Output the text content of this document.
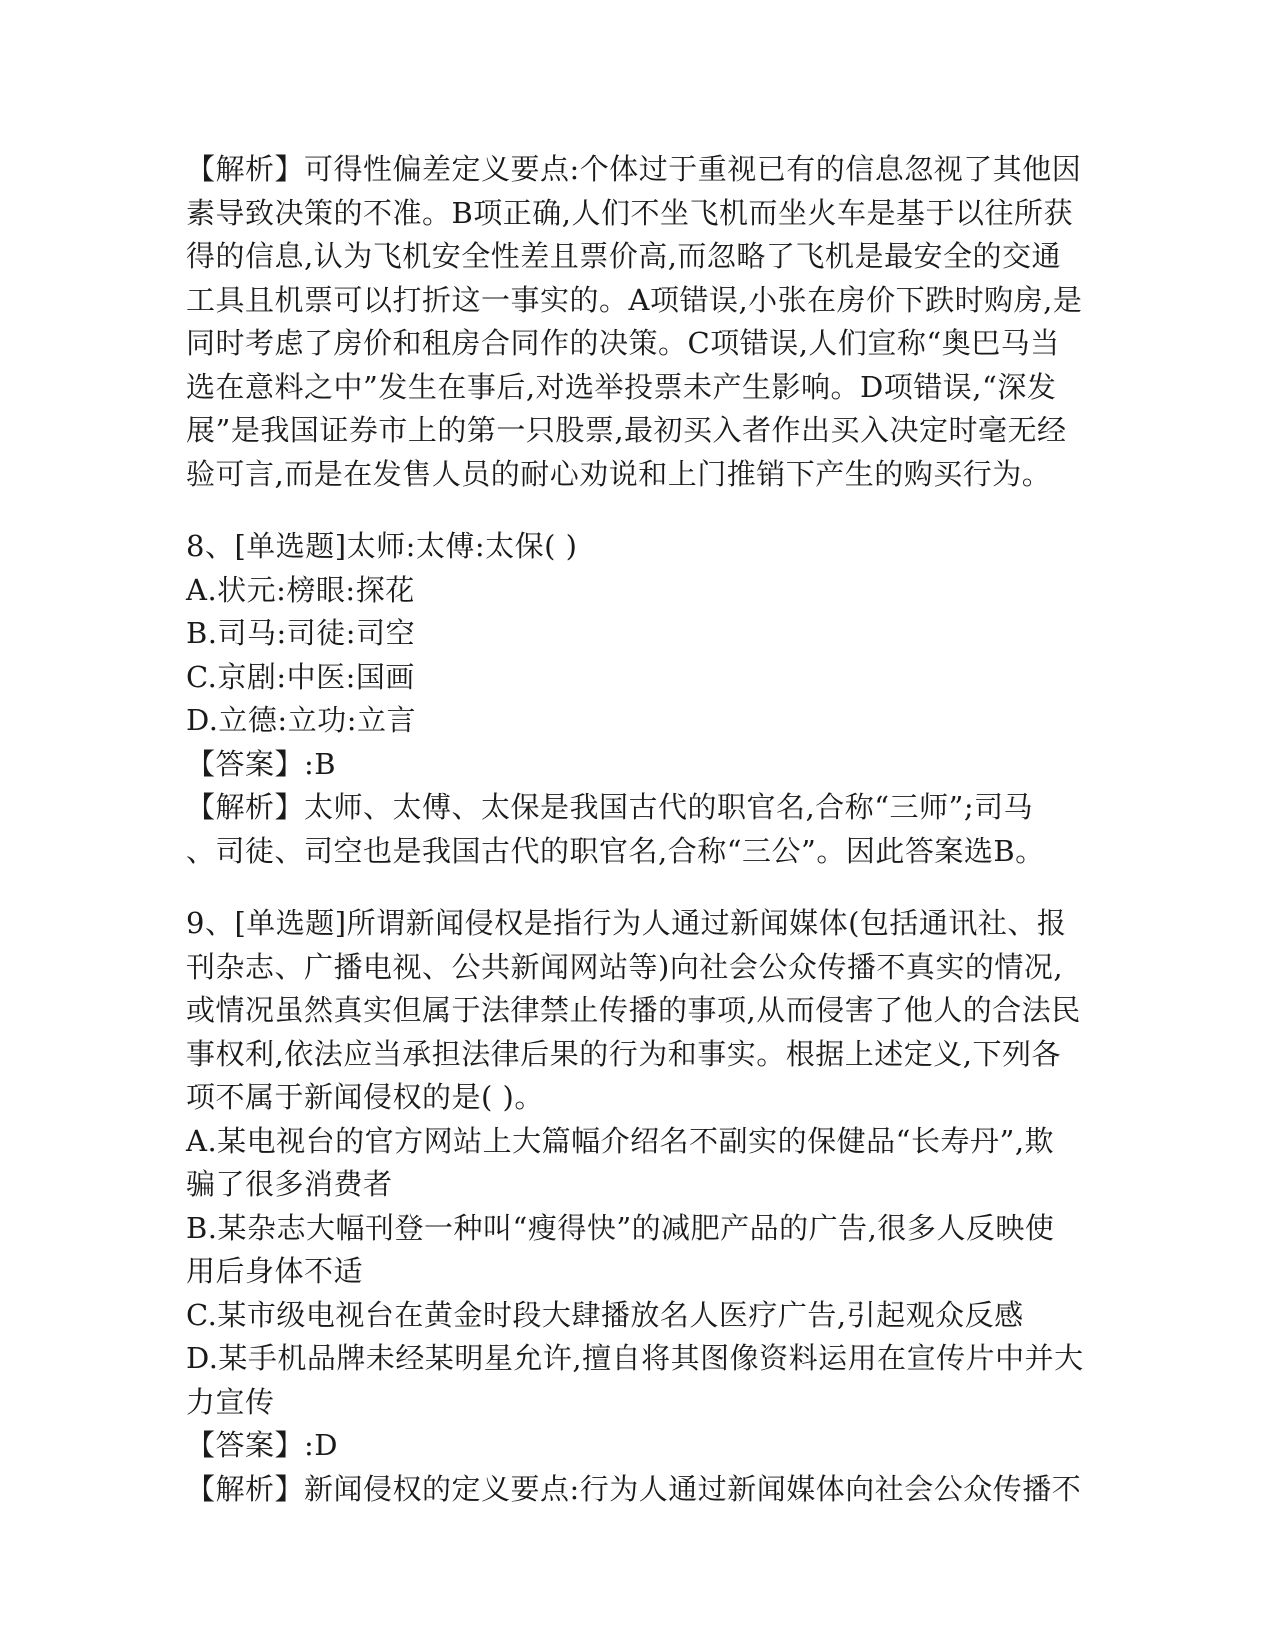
【解析】可得性偏差定义要点:个体过于重视已有的信息忽视了其他因
素导致决策的不准。B项正确,人们不坐飞机而坐火车是基于以往所获
得的信息,认为飞机安全性差且票价高,而忽略了飞机是最安全的交通
工具且机票可以打折这一事实的。A项错误,小张在房价下跌时购房,是
同时考虑了房价和租房合同作的决策。C项错误,人们宣称“奥巴马当
选在意料之中”发生在事后,对选举投票未产生影响。D项错误,“深发
展”是我国证券市上的第一只股票,最初买入者作出买入决定时毫无经
验可言,而是在发售人员的耐心劝说和上门推销下产生的购买行为。
8、[单选题]太师:太傅:太保( )
A.状元:榜眼:探花
B.司马:司徒:司空
C.京剧:中医:国画
D.立德:立功:立言
【答案】:B
【解析】太师、太傅、太保是我国古代的职官名,合称“三师”;司马
、司徒、司空也是我国古代的职官名,合称“三公”。因此答案选B。
9、[单选题]所谓新闻侵权是指行为人通过新闻媒体(包括通讯社、报
刊杂志、广播电视、公共新闻网站等)向社会公众传播不真实的情况,
或情况虽然真实但属于法律禁止传播的事项,从而侵害了他人的合法民
事权利,依法应当承担法律后果的行为和事实。根据上述定义,下列各
项不属于新闻侵权的是( )。
A.某电视台的官方网站上大篇幅介绍名不副实的保健品“长寿丹”,欺
骗了很多消费者
B.某杂志大幅刊登一种叫“瘦得快”的减肥产品的广告,很多人反映使
用后身体不适
C.某市级电视台在黄金时段大肆播放名人医疗广告,引起观众反感
D.某手机品牌未经某明星允许,擅自将其图像资料运用在宣传片中并大
力宣传
【答案】:D
【解析】新闻侵权的定义要点:行为人通过新闻媒体向社会公众传播不
